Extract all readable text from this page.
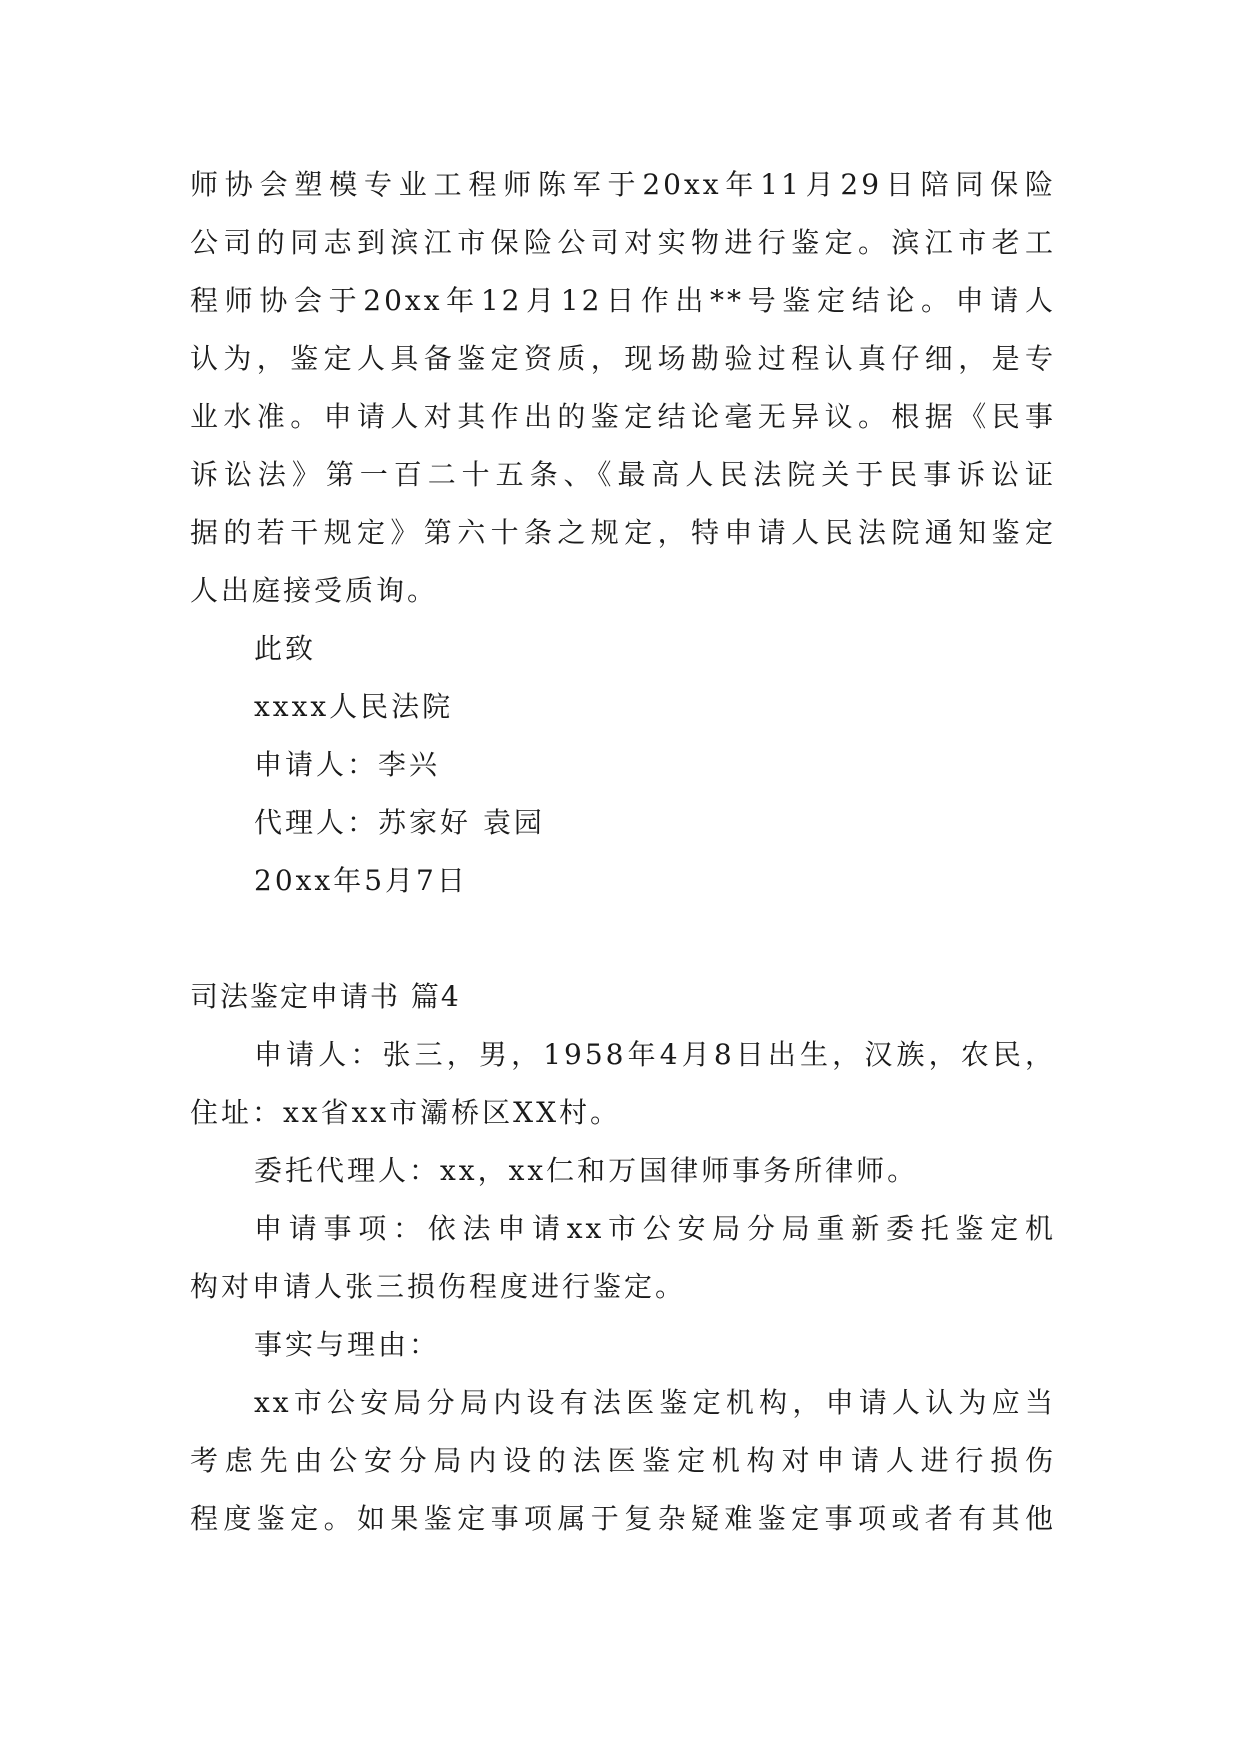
师协会塑模专业工程师陈军于20xx年11月29日陪同保险
公司的同志到滨江市保险公司对实物进行鉴定。滨江市老工
程师协会于20xx年12月12日作出**号鉴定结论。申请人
认为，鉴定人具备鉴定资质，现场勘验过程认真仔细，是专
业水准。申请人对其作出的鉴定结论毫无异议。根据《民事
诉讼法》第一百二十五条、《最高人民法院关于民事诉讼证
据的若干规定》第六十条之规定，特申请人民法院通知鉴定
人出庭接受质询。
此致
xxxx人民法院
申请人：李兴
代理人：苏家好 袁园
20xx年5月7日
司法鉴定申请书 篇4
申请人：张三，男，1958年4月8日出生，汉族，农民，
住址：xx省xx市灞桥区XX村。
委托代理人：xx，xx仁和万国律师事务所律师。
申请事项：依法申请xx市公安局分局重新委托鉴定机
构对申请人张三损伤程度进行鉴定。
事实与理由：
xx市公安局分局内设有法医鉴定机构，申请人认为应当
考虑先由公安分局内设的法医鉴定机构对申请人进行损伤
程度鉴定。如果鉴定事项属于复杂疑难鉴定事项或者有其他
